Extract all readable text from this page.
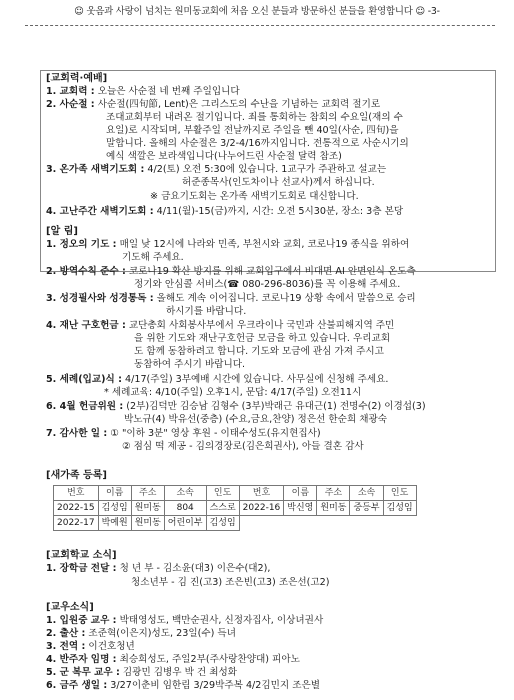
☺ 웃음과 사랑이 넘치는 원미동교회에 처음 오신 분들과 방문하신 분들을 환영합니다 ☺ -3-
[교회력·예배]
1. 교회력 : 오늘은 사순절 네 번째 주일입니다
2. 사순절 : 사순절(四旬節, Lent)은 그리스도의 수난을 기념하는 교회력 절기로
조대교회부터 내려온 절기입니다. 죄를 통회하는 참회의 수요일(재의 수
요일)로 시작되며, 부활주일 전날까지로 주일을 뺀 40일(사순, 四旬)을
말합니다. 올해의 사순절은 3/2-4/16까지입니다. 전통적으로 사순시기의
예식 색깔은 보라색입니다(나누어드린 사순절 달력 참조)
3. 온가족 새벽기도회 : 4/2(토) 오전 5:30에 있습니다. 1교구가 주관하고 설교는
허준종목사(인도차이나 선교사)께서 하십니다.
※ 금요기도회는 온가족 새벽기도회로 대신합니다.
4. 고난주간 새벽기도회 : 4/11(월)-15(금)까지, 시간: 오전 5시30분, 장소: 3층 본당
[알 림]
1. 정오의 기도 : 매일 낮 12시에 나라와 민족, 부천시와 교회, 코로나19 종식을 위하여
기도해 주세요.
2. 방역수칙 준수 : 코로나19 확산 방지를 위해 교회입구에서 비대면 AI 안면인식 온도측
정기와 안심콜 서비스(☎ 080-296-8036)를 꼭 이용해 주세요.
3. 성경필사와 성경통독 : 올해도 계속 이어집니다. 코로나19 상황 속에서 말씀으로 승리
하시기를 바랍니다.
4. 재난 구호헌금 : 교단총회 사회봉사부에서 우크라이나 국민과 산불피해지역 주민
을 위한 기도와 재난구호헌금 모금을 하고 있습니다. 우리교회
도 함께 동참하려고 합니다. 기도와 모금에 관심 가져 주시고
동참하여 주시기 바랍니다.
5. 세례(입교)식 : 4/17(주일) 3부예배 시간에 있습니다. 사무실에 신청해 주세요.
* 세례교육: 4/10(주일) 오후1시, 문답: 4/17(주일) 오전11시
6. 4월 헌금위원 : (2부)김덕만 김승남 김형수 (3부)박래근 유대근(1) 전명수(2) 이경섭(3)
박노규(4) 박유선(중층) (수요,금요,찬양) 정은선 한순희 채광숙
7. 감사한 일 : ① "이하 3분" 영상 후원 - 이태수성도(유지현집사)
② 점심 떡 제공 - 김의경장로(김은희권사), 아들 결혼 감사
[새가족 등록]
번호	이름	주소	소속	인도	번호	이름	주소	소속	인도
2022-15	김성임	원미동	804	스스로	2022-16	박신영	원미동	중등부	김성임
2022-17	박예원	원미동	어린이부	김성임					
[교회학교 소식]
1. 장학금 전달 : 청 년 부 - 김소윤(대3) 이은수(대2),
청소년부 - 김 진(고3) 조은빈(고3) 조은선(고2)
[교우소식]
1. 입원중 교우 : 박태영성도, 백만순권사, 신정자집사, 이상녀권사
2. 출산 : 조준혁(이은지)성도, 23일(수) 득녀
3. 전역 : 이건호청년
4. 반주자 임명 : 최승희성도, 주일2부(주사랑찬양대) 피아노
5. 군 복무 교우 : 김광민 김병우 박 건 최성화
6. 금주 생일 : 3/27이춘비 임한림 3/29박주복 4/2김민지 조은별
